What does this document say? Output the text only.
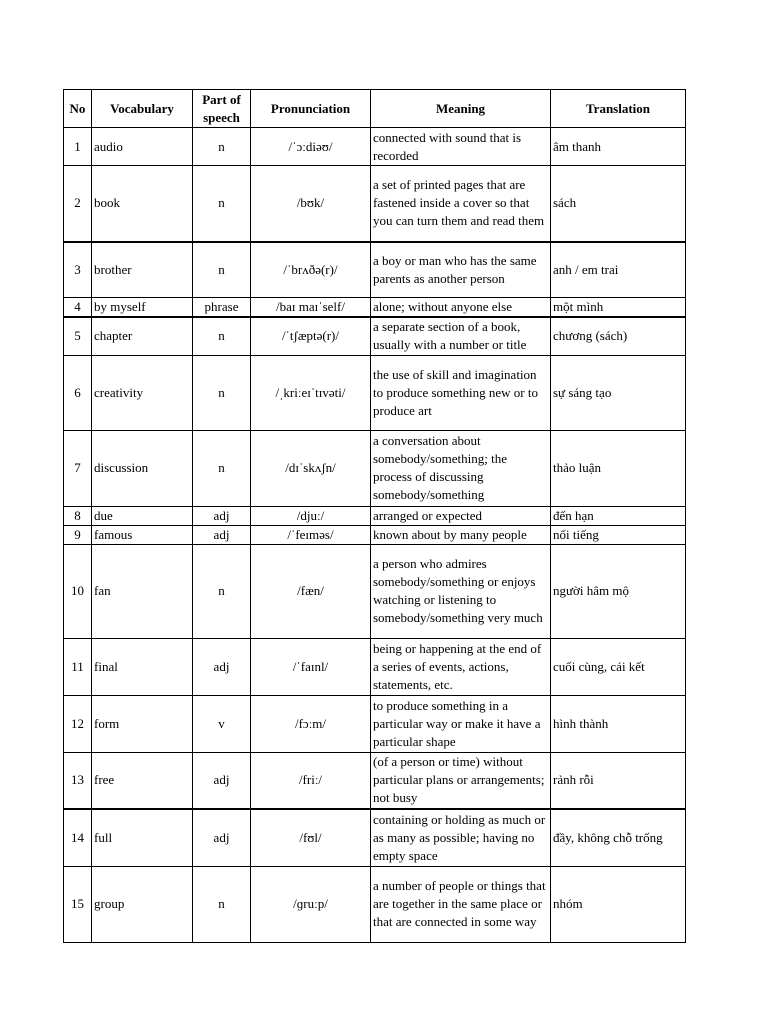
No	Vocabulary	Part of speech	Pronunciation	Meaning	Translation
1	audio	n	/ˈɔːdiəʊ/	connected with sound that is recorded	âm thanh
2	book	n	/bʊk/	a set of printed pages that are fastened inside a cover so that you can turn them and read them	sách
3	brother	n	/ˈbrʌðə(r)/	a boy or man who has the same parents as another person	anh / em trai
4	by myself	phrase	/baɪ maɪˈself/	alone; without anyone else	một mình
5	chapter	n	/ˈtʃæptə(r)/	a separate section of a book, usually with a number or title	chương (sách)
6	creativity	n	/ˌkriːeɪˈtɪvəti/	the use of skill and imagination to produce something new or to produce art	sự sáng tạo
7	discussion	n	/dɪˈskʌʃn/	a conversation about somebody/something; the process of discussing somebody/something	thảo luận
8	due	adj	/djuː/	arranged or expected	đến hạn
9	famous	adj	/ˈfeɪməs/	known about by many people	nổi tiếng
10	fan	n	/fæn/	a person who admires somebody/something or enjoys watching or listening to somebody/something very much	người hâm mộ
11	final	adj	/ˈfaɪnl/	being or happening at the end of a series of events, actions, statements, etc.	cuối cùng, cái kết
12	form	v	/fɔːm/	to produce something in a particular way or make it have a particular shape	hình thành
13	free	adj	/friː/	(of a person or time) without particular plans or arrangements; not busy	rảnh rỗi
14	full	adj	/fʊl/	containing or holding as much or as many as possible; having no empty space	đầy, không chỗ trống
15	group	n	/ɡruːp/	a number of people or things that are together in the same place or that are connected in some way	nhóm
